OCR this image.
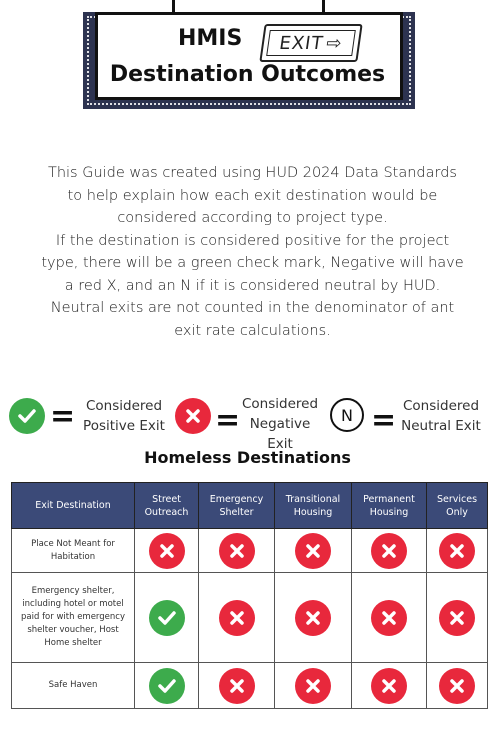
HMIS EXIT ⇨
Destination Outcomes

This Guide was created using HUD 2024 Data Standards to help explain how each exit destination would be considered according to project type.

If the destination is considered positive for the project type, there will be a green check mark, Negative will have a red X, and an N if it is considered neutral by HUD. Neutral exits are not counted in the denominator of ant exit rate calculations.

= Considered
Positive Exit = Considered
Negative Exit
N = Considered
Neutral Exit
Homeless Destinations
Exit Destination	Street Outreach	Emergency Shelter	Transitional Housing	Permanent Housing	Services Only
Place Not Meant for Habitation	

Emergency shelter, including hotel or motel paid for with emergency shelter voucher, Host Home shelter	

Safe Haven	
